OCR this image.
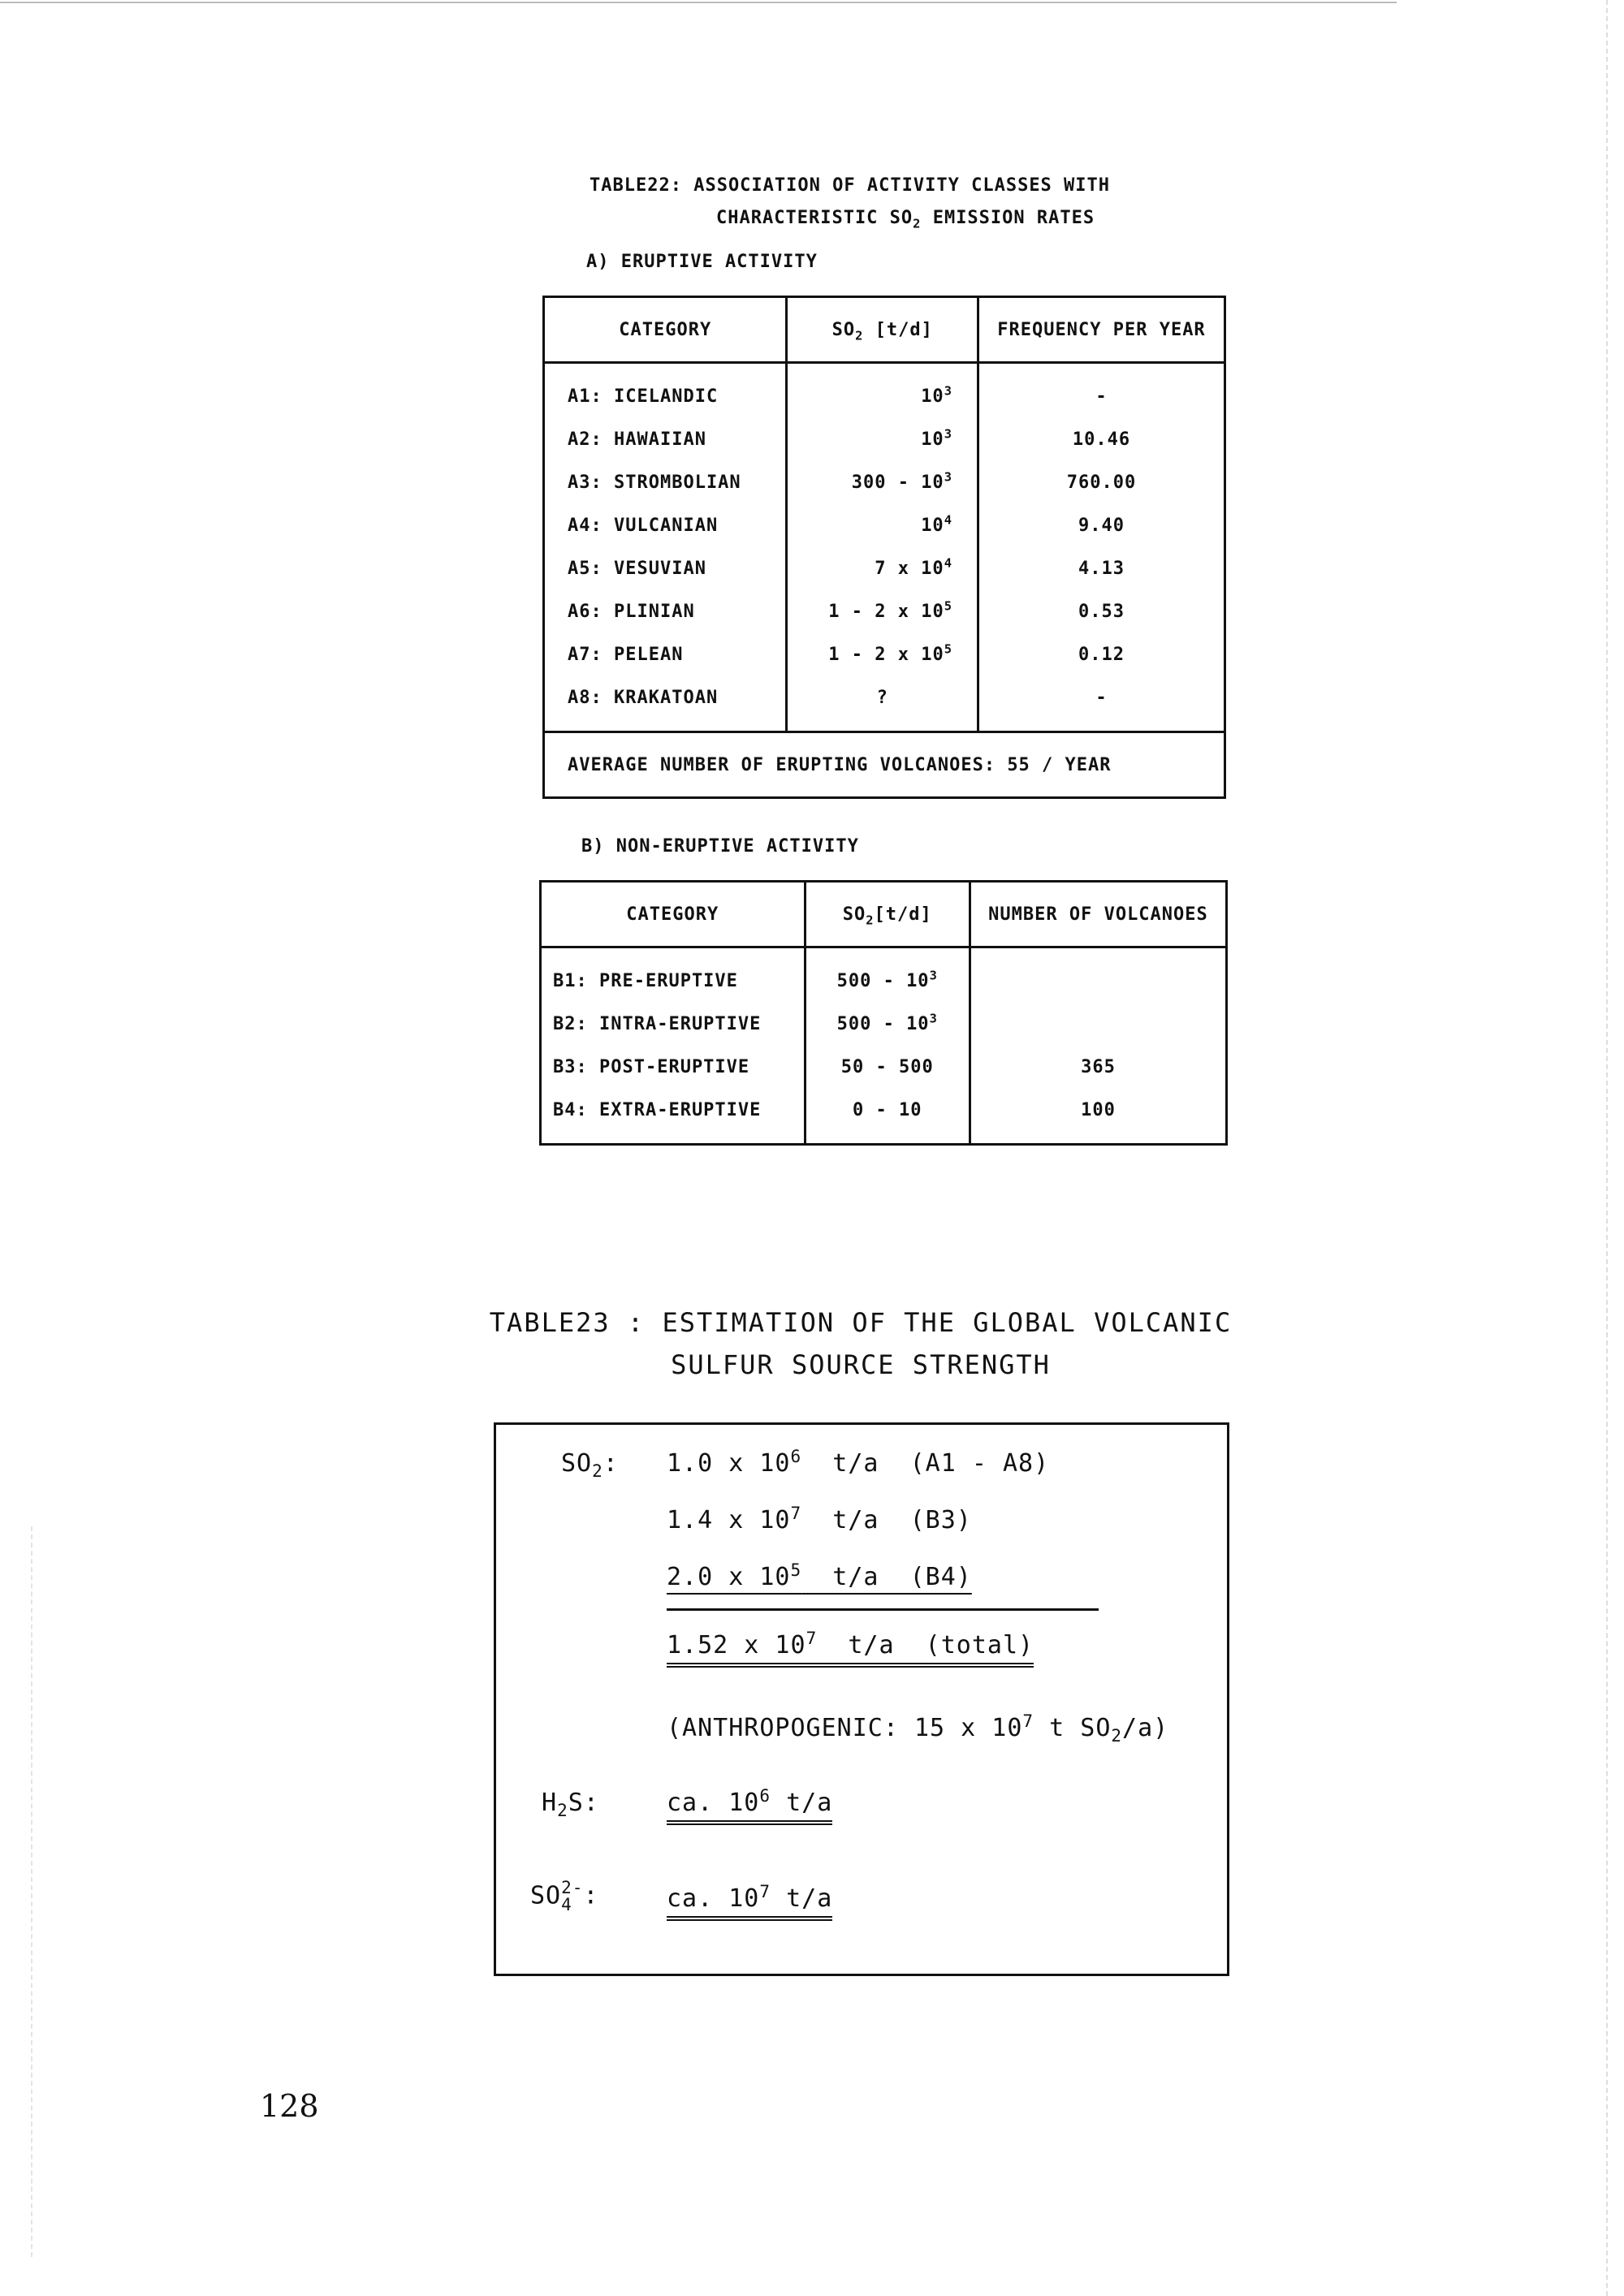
TABLE22: ASSOCIATION OF ACTIVITY CLASSES WITH
CHARACTERISTIC $SO_2$ EMISSION RATES
A) ERUPTIVE ACTIVITY
CATEGORY	$SO_2$ [t/d]	FREQUENCY PER YEAR
A1: ICELANDIC	$10^3$	-
A2: HAWAIIAN	$10^3$	10.46
A3: STROMBOLIAN	$300 - 10^3$	760.00
A4: VULCANIAN	$10^4$	9.40
A5: VESUVIAN	7 x $10^4$	4.13
A6: PLINIAN	1 - 2 x $10^5$	0.53
A7: PELEAN	1 - 2 x $10^5$	0.12
A8: KRAKATOAN	?	-
AVERAGE NUMBER OF ERUPTING VOLCANOES: 55 / YEAR		
B) NON-ERUPTIVE ACTIVITY
CATEGORY	$SO_2[t/d]$	NUMBER OF VOLCANOES
B1: PRE-ERUPTIVE	$500 - 10^3$	
B2: INTRA-ERUPTIVE	$500 - 10^3$	
B3: POST-ERUPTIVE	50 - 500	365
B4: EXTRA-ERUPTIVE	0 - 10	100
TABLE23 : ESTIMATION OF THE GLOBAL VOLCANIC
SULFUR SOURCE STRENGTH
$SO_2$: 1.0 x $10^6$  t/a  (A1 - A8)
1.4 x $10^7$  t/a  (B3)
2.0 x $10^5$  t/a  (B4)
1.52 x $10^7$  t/a  (total)
(ANTHROPOGENIC: 15 x $10^7$ t $SO_2/a$)
$H_2S$:	ca. $10^6$ t/a
SO 2-
4 :	ca. $10^7$ t/a
128
